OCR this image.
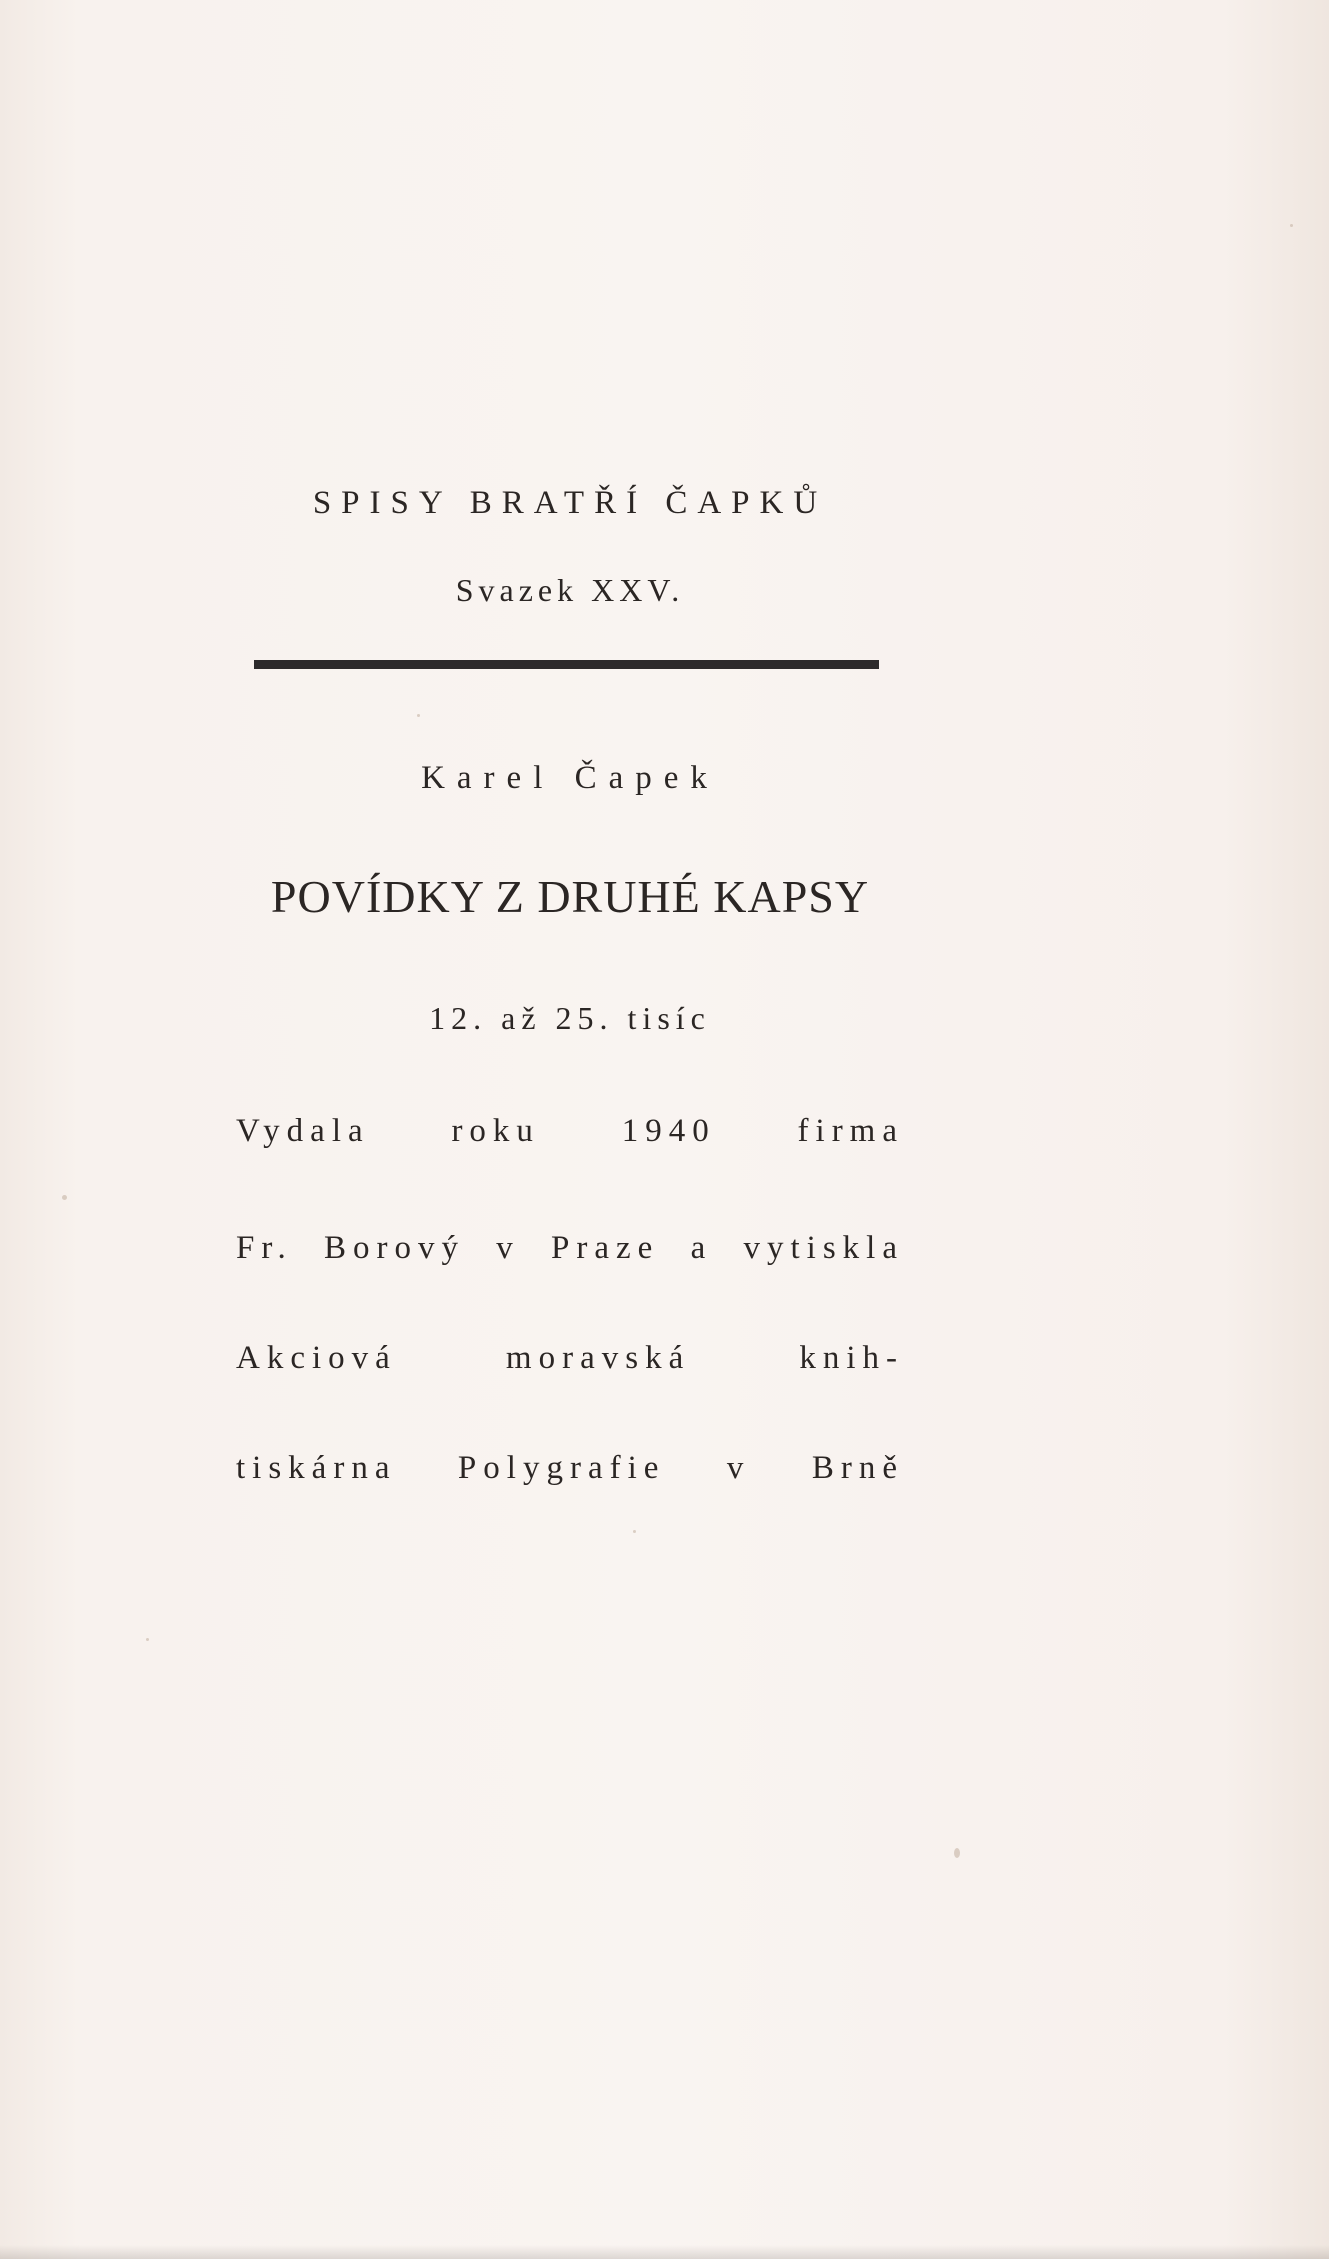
SPISY BRATŘÍ ČAPKŮ
Svazek XXV.
Karel Čapek
POVÍDKY Z DRUHÉ KAPSY
12. až 25. tisíc
Vydala roku 1940 firma
Fr. Borový v Praze a vytiskla
Akciová moravská knih-
tiskárna Polygrafie v Brně
